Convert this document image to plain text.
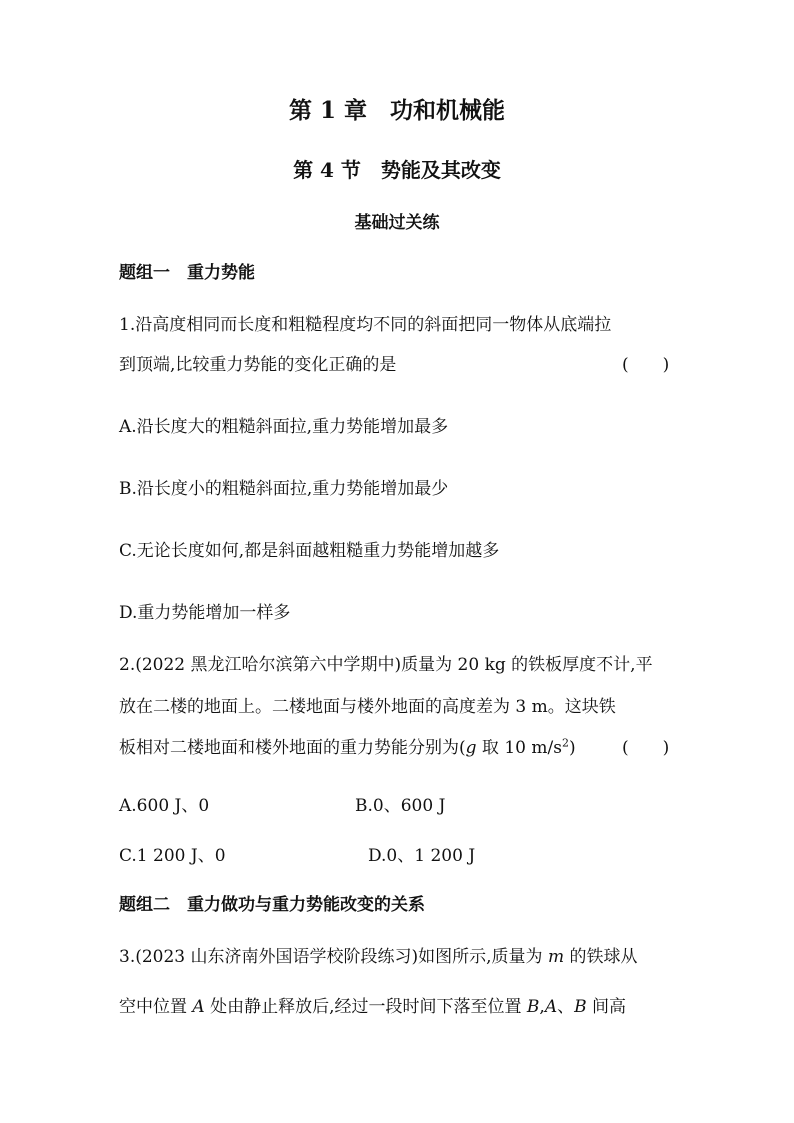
第 1 章　功和机械能
第 4 节　势能及其改变
基础过关练
题组一　重力势能
1.沿高度相同而长度和粗糙程度均不同的斜面把同一物体从底端拉
到顶端,比较重力势能的变化正确的是	(　　)
A.沿长度大的粗糙斜面拉,重力势能增加最多
B.沿长度小的粗糙斜面拉,重力势能增加最少
C.无论长度如何,都是斜面越粗糙重力势能增加越多
D.重力势能增加一样多
2.(2022 黑龙江哈尔滨第六中学期中)质量为 20 kg 的铁板厚度不计,平
放在二楼的地面上。二楼地面与楼外地面的高度差为 3 m。这块铁
板相对二楼地面和楼外地面的重力势能分别为(g 取 10 $m/s^2$)	(　　)
A.600 J、0	B.0、600 J
C.1 200 J、0	D.0、1 200 J
题组二　重力做功与重力势能改变的关系
3.(2023 山东济南外国语学校阶段练习)如图所示,质量为 m 的铁球从
空中位置 A 处由静止释放后,经过一段时间下落至位置 B,A、B 间高
